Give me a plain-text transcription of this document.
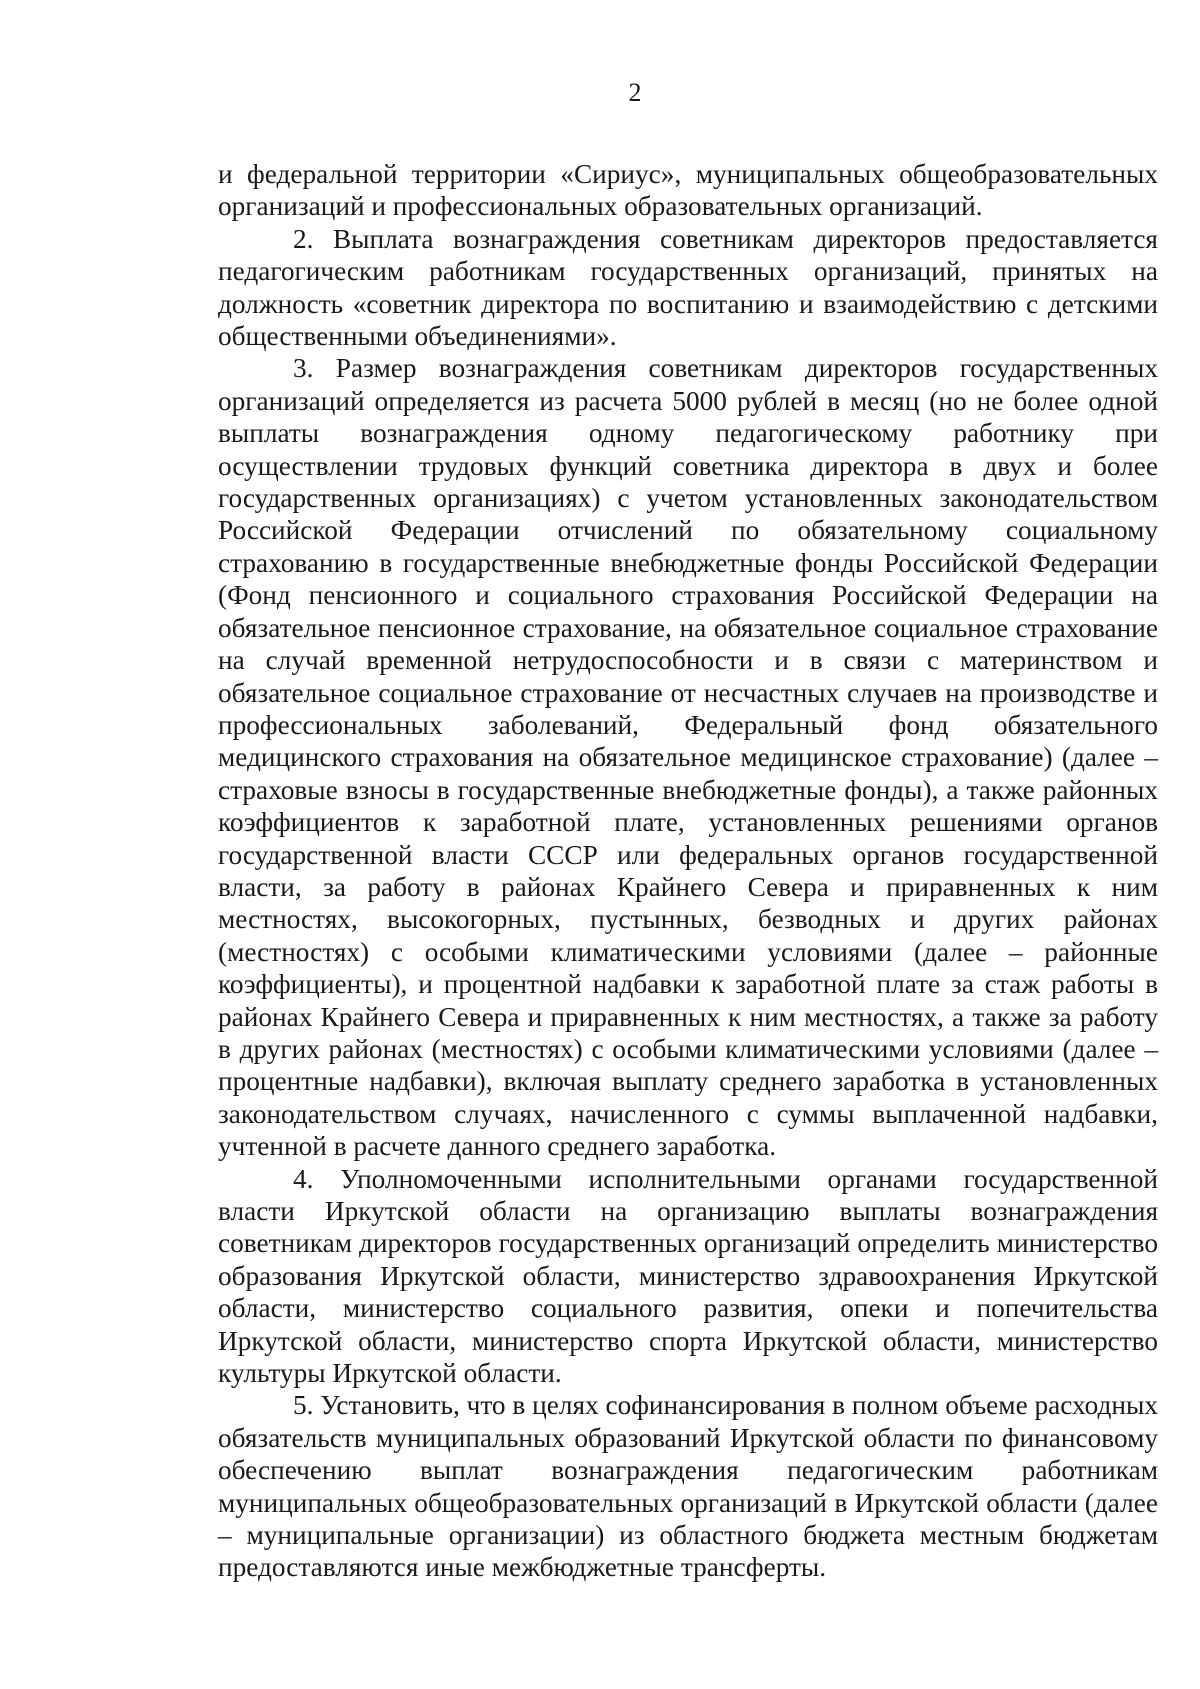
2

и федеральной территории «Сириус», муниципальных общеобразовательных организаций и профессиональных образовательных организаций.

2. Выплата вознаграждения советникам директоров предоставляется педагогическим работникам государственных организаций, принятых на должность «советник директора по воспитанию и взаимодействию с детскими общественными объединениями».

3. Размер вознаграждения советникам директоров государственных организаций определяется из расчета 5000 рублей в месяц (но не более одной выплаты вознаграждения одному педагогическому работнику при осуществлении трудовых функций советника директора в двух и более государственных организациях) с учетом установленных законодательством Российской Федерации отчислений по обязательному социальному страхованию в государственные внебюджетные фонды Российской Федерации (Фонд пенсионного и социального страхования Российской Федерации на обязательное пенсионное страхование, на обязательное социальное страхование на случай временной нетрудоспособности и в связи с материнством и обязательное социальное страхование от несчастных случаев на производстве и профессиональных заболеваний, Федеральный фонд обязательного медицинского страхования на обязательное медицинское страхование) (далее – страховые взносы в государственные внебюджетные фонды), а также районных коэффициентов к заработной плате, установленных решениями органов государственной власти СССР или федеральных органов государственной власти, за работу в районах Крайнего Севера и приравненных к ним местностях, высокогорных, пустынных, безводных и других районах (местностях) с особыми климатическими условиями (далее – районные коэффициенты), и процентной надбавки к заработной плате за стаж работы в районах Крайнего Севера и приравненных к ним местностях, а также за работу в других районах (местностях) с особыми климатическими условиями (далее – процентные надбавки), включая выплату среднего заработка в установленных законодательством случаях, начисленного с суммы выплаченной надбавки, учтенной в расчете данного среднего заработка.

4. Уполномоченными исполнительными органами государственной власти Иркутской области на организацию выплаты вознаграждения советникам директоров государственных организаций определить министерство образования Иркутской области, министерство здравоохранения Иркутской области, министерство социального развития, опеки и попечительства Иркутской области, министерство спорта Иркутской области, министерство культуры Иркутской области.

5. Установить, что в целях софинансирования в полном объеме расходных обязательств муниципальных образований Иркутской области по финансовому обеспечению выплат вознаграждения педагогическим работникам муниципальных общеобразовательных организаций в Иркутской области (далее – муниципальные организации) из областного бюджета местным бюджетам предоставляются иные межбюджетные трансферты.
